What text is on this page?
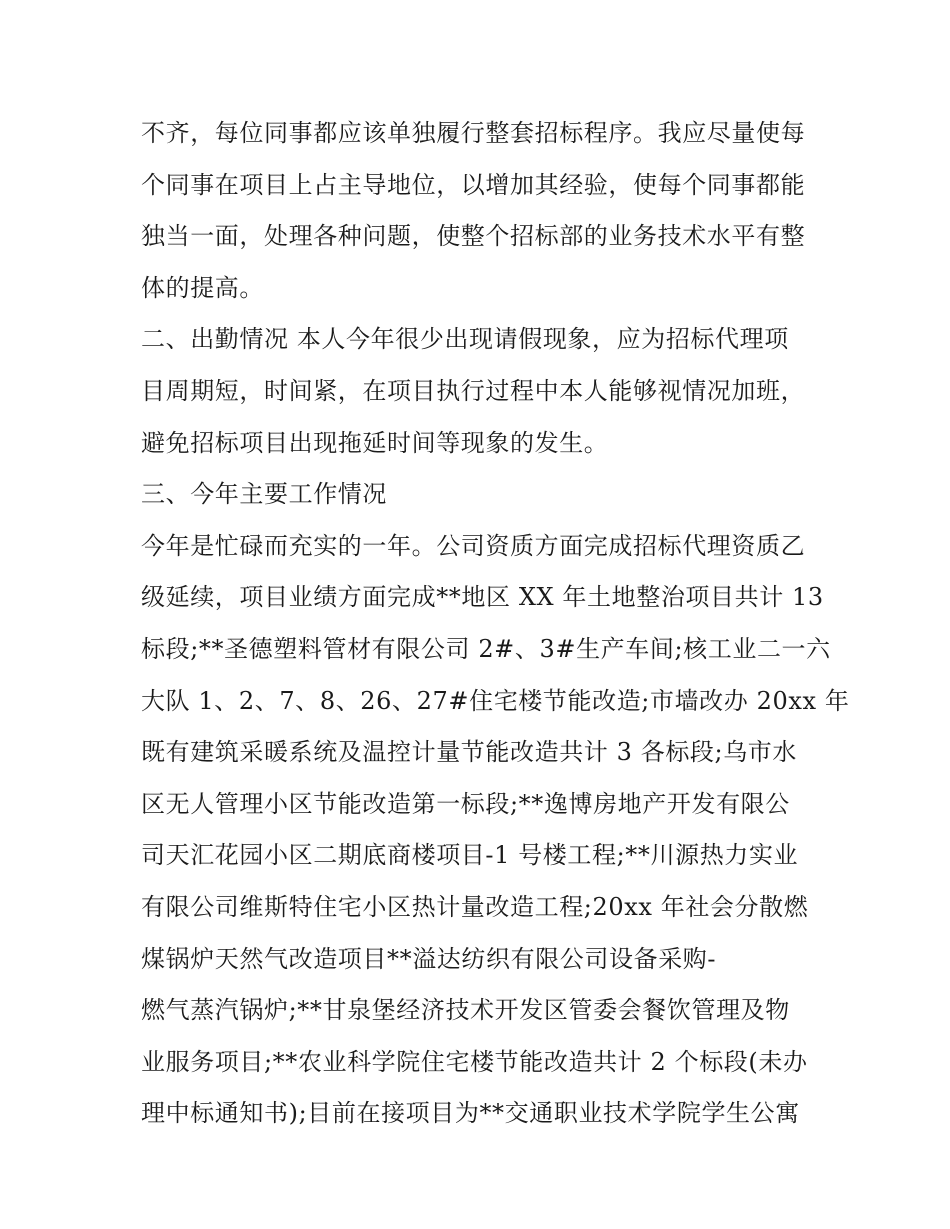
不齐，每位同事都应该单独履行整套招标程序。我应尽量使每
个同事在项目上占主导地位，以增加其经验，使每个同事都能
独当一面，处理各种问题，使整个招标部的业务技术水平有整
体的提高。
二、出勤情况 本人今年很少出现请假现象，应为招标代理项
目周期短，时间紧，在项目执行过程中本人能够视情况加班，
避免招标项目出现拖延时间等现象的发生。
三、今年主要工作情况
今年是忙碌而充实的一年。公司资质方面完成招标代理资质乙
级延续，项目业绩方面完成**地区 XX 年土地整治项目共计 13
标段;**圣德塑料管材有限公司 2#、3#生产车间;核工业二一六
大队 1、2、7、8、26、27#住宅楼节能改造;市墙改办 20xx 年
既有建筑采暖系统及温控计量节能改造共计 3 各标段;乌市水
区无人管理小区节能改造第一标段;**逸博房地产开发有限公
司天汇花园小区二期底商楼项目-1 号楼工程;**川源热力实业
有限公司维斯特住宅小区热计量改造工程;20xx 年社会分散燃
煤锅炉天然气改造项目**溢达纺织有限公司设备采购-
燃气蒸汽锅炉;**甘泉堡经济技术开发区管委会餐饮管理及物
业服务项目;**农业科学院住宅楼节能改造共计 2 个标段(未办
理中标通知书);目前在接项目为**交通职业技术学院学生公寓
